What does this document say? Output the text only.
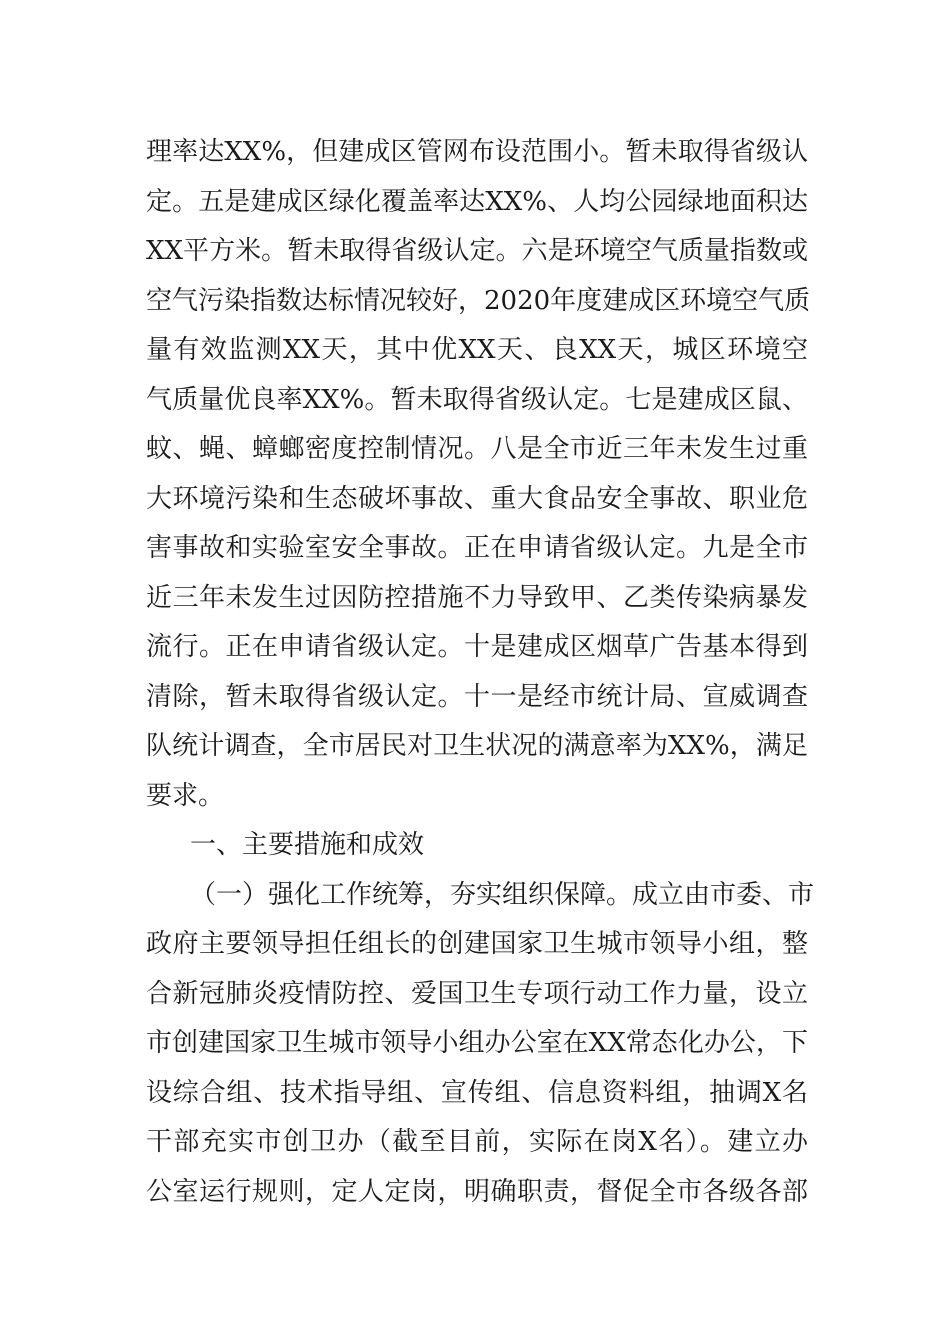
理率达XX%，但建成区管网布设范围小。暂未取得省级认
定。五是建成区绿化覆盖率达XX%、人均公园绿地面积达
XX平方米。暂未取得省级认定。六是环境空气质量指数或
空气污染指数达标情况较好，2020年度建成区环境空气质
量有效监测XX天，其中优XX天、良XX天，城区环境空
气质量优良率XX%。暂未取得省级认定。七是建成区鼠、
蚊、蝇、蟑螂密度控制情况。八是全市近三年未发生过重
大环境污染和生态破坏事故、重大食品安全事故、职业危
害事故和实验室安全事故。正在申请省级认定。九是全市
近三年未发生过因防控措施不力导致甲、乙类传染病暴发
流行。正在申请省级认定。十是建成区烟草广告基本得到
清除，暂未取得省级认定。十一是经市统计局、宣威调查
队统计调查，全市居民对卫生状况的满意率为XX%，满足
要求。
一、主要措施和成效
（一）强化工作统筹，夯实组织保障。成立由市委、市
政府主要领导担任组长的创建国家卫生城市领导小组，整
合新冠肺炎疫情防控、爱国卫生专项行动工作力量，设立
市创建国家卫生城市领导小组办公室在XX常态化办公，下
设综合组、技术指导组、宣传组、信息资料组，抽调X名
干部充实市创卫办（截至目前，实际在岗X名）。建立办
公室运行规则，定人定岗，明确职责，督促全市各级各部
